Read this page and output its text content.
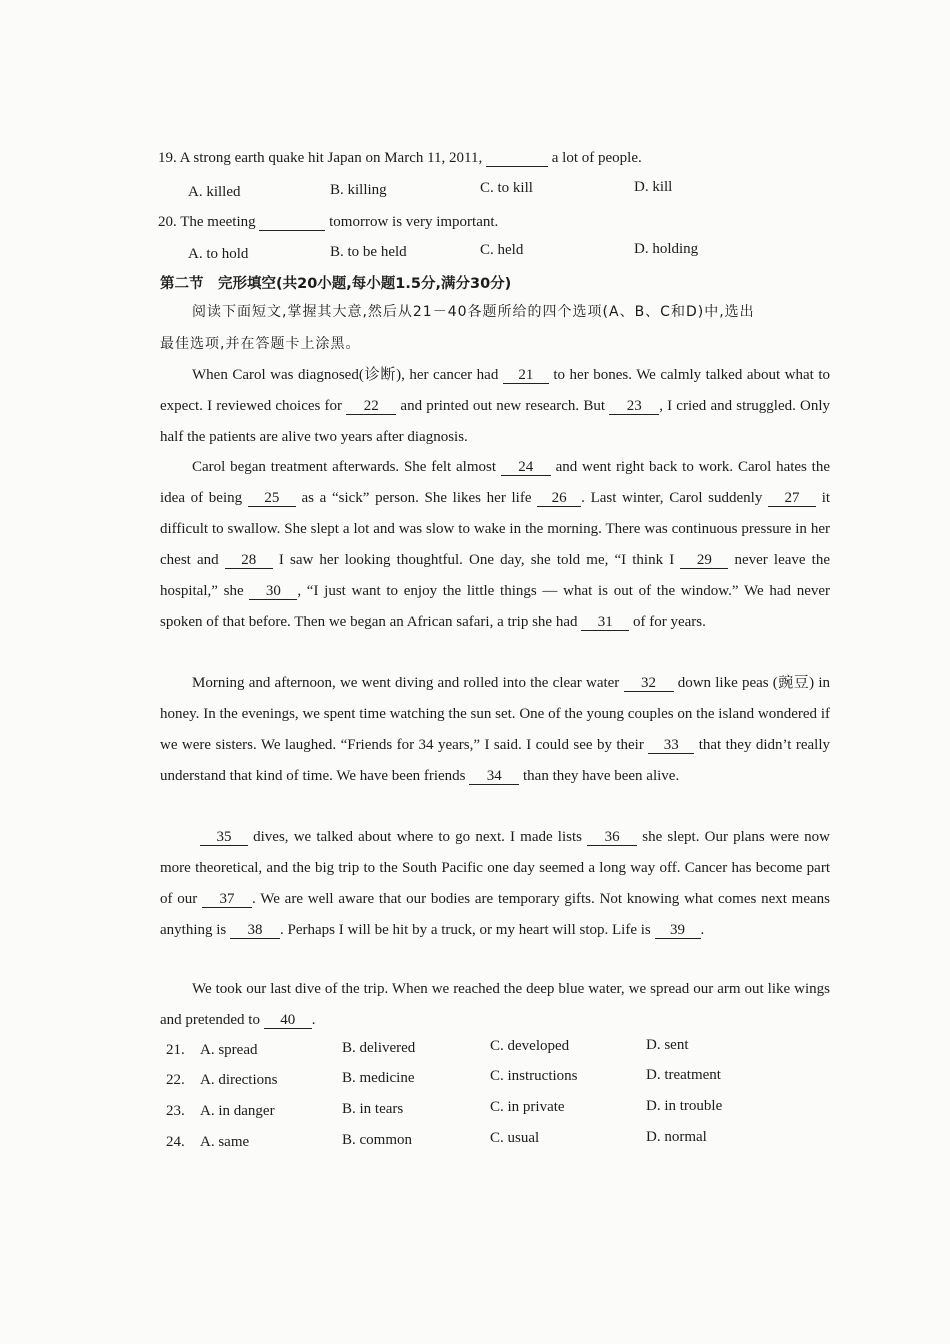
19. A strong earth quake hit Japan on March 11, 2011,	a lot of people.
A. killed	B. killing	C. to kill	D. kill
20. The meeting	tomorrow is very important.
A. to hold	B. to be held	C. held	D. holding
第二节　完形填空(共20小题,每小题1.5分,满分30分)
阅读下面短文,掌握其大意,然后从21－40各题所给的四个选项(A、B、C和D)中,选出
最佳选项,并在答题卡上涂黑。
When Carol was diagnosed(诊断), her cancer had 21 to her bones. We calmly talked about what to expect. I reviewed choices for 22 and printed out new research. But 23 , I cried and struggled. Only half the patients are alive two years after diagnosis.
Carol began treatment afterwards. She felt almost 24 and went right back to work. Carol hates the idea of being 25 as a “sick” person. She likes her life 26 . Last winter, Carol suddenly 27 it difficult to swallow. She slept a lot and was slow to wake in the morning. There was continuous pressure in her chest and 28 I saw her looking thoughtful. One day, she told me, “I think I 29 never leave the hospital,” she 30 , “I just want to enjoy the little things — what is out of the window.” We had never spoken of that before. Then we began an African safari, a trip she had 31 of for years.
Morning and afternoon, we went diving and rolled into the clear water 32 down like peas (豌豆) in honey. In the evenings, we spent time watching the sun set. One of the young couples on the island wondered if we were sisters. We laughed. “Friends for 34 years,” I said. I could see by their 33 that they didn’t really understand that kind of time. We have been friends 34 than they have been alive.
35 dives, we talked about where to go next. I made lists 36 she slept. Our plans were now more theoretical, and the big trip to the South Pacific one day seemed a long way off. Cancer has become part of our 37 . We are well aware that our bodies are temporary gifts. Not knowing what comes next means anything is 38 . Perhaps I will be hit by a truck, or my heart will stop. Life is 39 .
We took our last dive of the trip. When we reached the deep blue water, we spread our arm out like wings and pretended to 40 .
21. A. spread	B. delivered	C. developed	D. sent
22. A. directions	B. medicine	C. instructions	D. treatment
23. A. in danger	B. in tears	C. in private	D. in trouble
24. A. same	B. common	C. usual	D. normal
